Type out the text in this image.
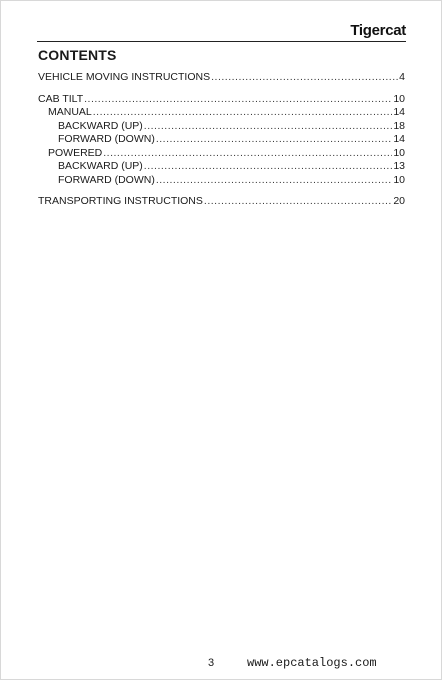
Tigercat
CONTENTS
VEHICLE MOVING INSTRUCTIONS .....	4
CAB TILT .....	10
MANUAL .....	14
BACKWARD (UP) .....	18
FORWARD (DOWN) .....	14
POWERED .....	10
BACKWARD (UP) .....	13
FORWARD (DOWN) .....	10
TRANSPORTING INSTRUCTIONS .....	20
3	www.epcatalogs.com
